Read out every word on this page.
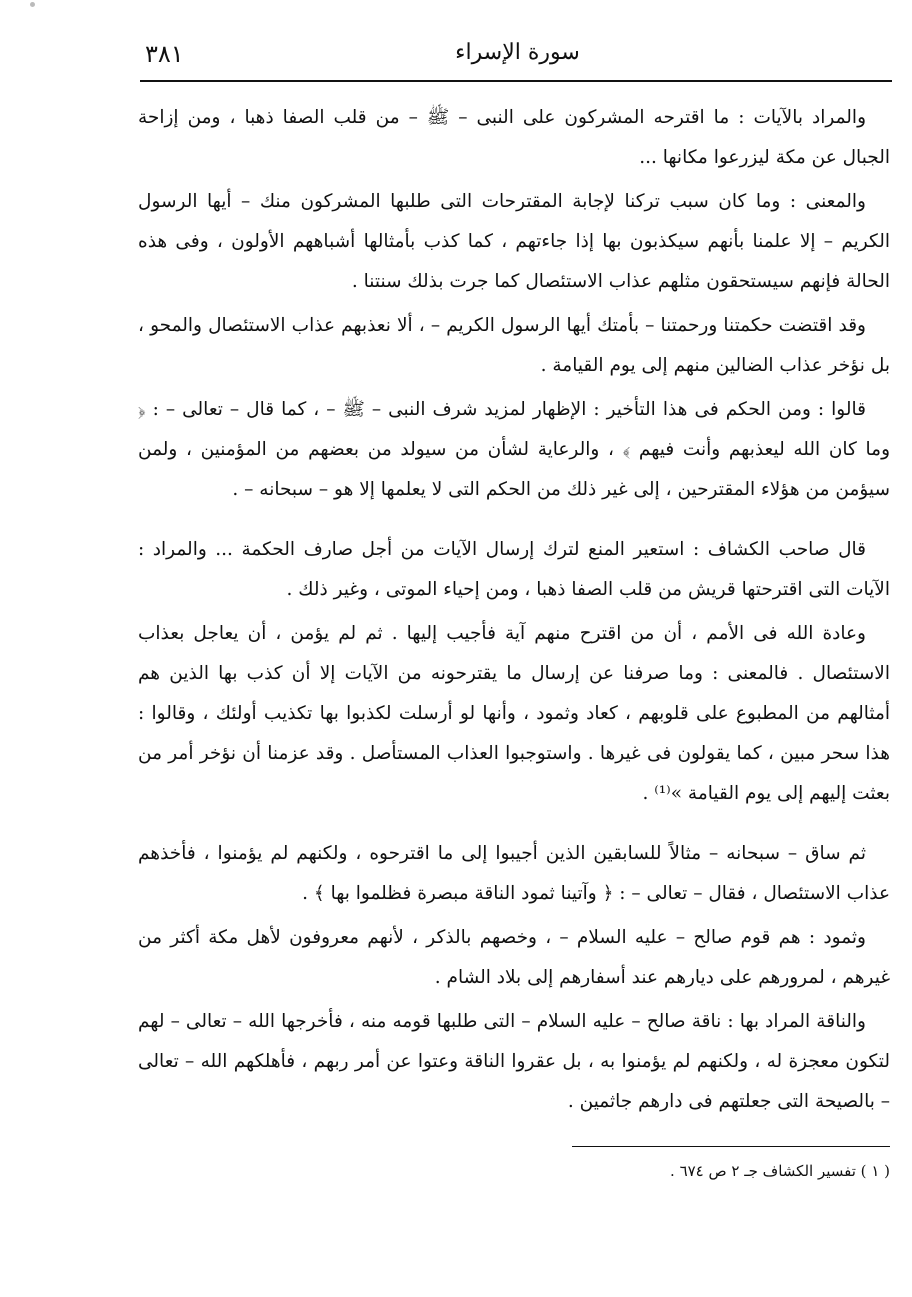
٣٨١	سورة الإسراء

والمراد بالآيات : ما اقترحه المشركون على النبى – ﷺ – من قلب الصفا ذهبا ، ومن إزاحة الجبال عن مكة ليزرعوا مكانها ...

والمعنى : وما كان سبب تركنا لإجابة المقترحات التى طلبها المشركون منك – أيها الرسول الكريم – إلا علمنا بأنهم سيكذبون بها إذا جاءتهم ، كما كذب بأمثالها أشباههم الأولون ، وفى هذه الحالة فإنهم سيستحقون مثلهم عذاب الاستئصال كما جرت بذلك سنتنا .

وقد اقتضت حكمتنا ورحمتنا – بأمتك أيها الرسول الكريم – ، ألا نعذبهم عذاب الاستئصال والمحو ، بل نؤخر عذاب الضالين منهم إلى يوم القيامة .

قالوا : ومن الحكم فى هذا التأخير : الإظهار لمزيد شرف النبى – ﷺ – ، كما قال – تعالى – : ﴿ وما كان الله ليعذبهم وأنت فيهم ﴾ ، والرعاية لشأن من سيولد من بعضهم من المؤمنين ، ولمن سيؤمن من هؤلاء المقترحين ، إلى غير ذلك من الحكم التى لا يعلمها إلا هو – سبحانه – .

قال صاحب الكشاف : استعير المنع لترك إرسال الآيات من أجل صارف الحكمة ... والمراد : الآيات التى اقترحتها قريش من قلب الصفا ذهبا ، ومن إحياء الموتى ، وغير ذلك .

وعادة الله فى الأمم ، أن من اقترح منهم آية فأجيب إليها . ثم لم يؤمن ، أن يعاجل بعذاب الاستئصال . فالمعنى : وما صرفنا عن إرسال ما يقترحونه من الآيات إلا أن كذب بها الذين هم أمثالهم من المطبوع على قلوبهم ، كعاد وثمود ، وأنها لو أرسلت لكذبوا بها تكذيب أولئك ، وقالوا : هذا سحر مبين ، كما يقولون فى غيرها . واستوجبوا العذاب المستأصل . وقد عزمنا أن نؤخر أمر من بعثت إليهم إلى يوم القيامة »⁽¹⁾ .

ثم ساق – سبحانه – مثالاً للسابقين الذين أجيبوا إلى ما اقترحوه ، ولكنهم لم يؤمنوا ، فأخذهم عذاب الاستئصال ، فقال – تعالى – : ﴿ وآتينا ثمود الناقة مبصرة فظلموا بها ﴾ .

وثمود : هم قوم صالح – عليه السلام – ، وخصهم بالذكر ، لأنهم معروفون لأهل مكة أكثر من غيرهم ، لمرورهم على ديارهم عند أسفارهم إلى بلاد الشام .

والناقة المراد بها : ناقة صالح – عليه السلام – التى طلبها قومه منه ، فأخرجها الله – تعالى – لهم لتكون معجزة له ، ولكنهم لم يؤمنوا به ، بل عقروا الناقة وعتوا عن أمر ربهم ، فأهلكهم الله – تعالى – بالصيحة التى جعلتهم فى دارهم جاثمين .

( ١ ) تفسير الكشاف جـ ٢ ص ٦٧٤ .
